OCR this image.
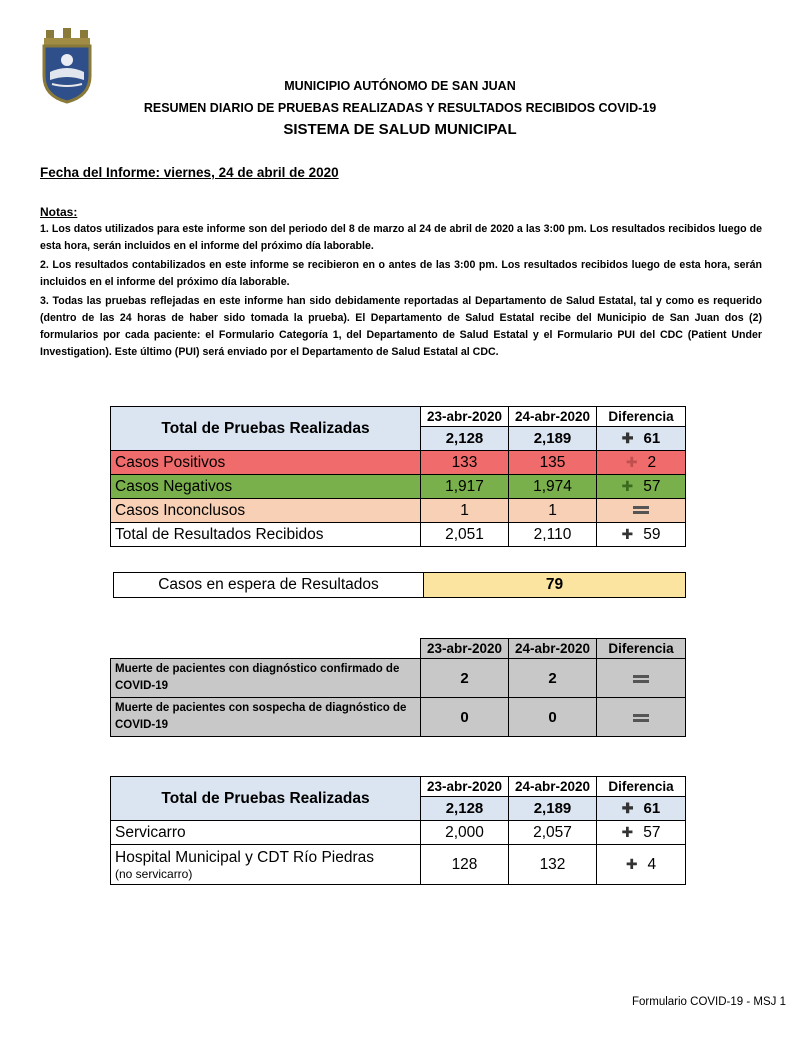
MUNICIPIO AUTÓNOMO DE SAN JUAN
RESUMEN DIARIO DE PRUEBAS REALIZADAS Y RESULTADOS RECIBIDOS COVID-19
SISTEMA DE SALUD MUNICIPAL
Fecha del Informe: viernes, 24 de abril de 2020
Notas:

1. Los datos utilizados para este informe son del periodo del 8 de marzo al 24 de abril de 2020 a las 3:00 pm. Los resultados recibidos luego de esta hora, serán incluidos en el informe del próximo día laborable.

2. Los resultados contabilizados en este informe se recibieron en o antes de las 3:00 pm. Los resultados recibidos luego de esta hora, serán incluidos en el informe del próximo día laborable.

3. Todas las pruebas reflejadas en este informe han sido debidamente reportadas al Departamento de Salud Estatal, tal y como es requerido (dentro de las 24 horas de haber sido tomada la prueba). El Departamento de Salud Estatal recibe del Municipio de San Juan dos (2) formularios por cada paciente: el Formulario Categoría 1, del Departamento de Salud Estatal y el Formulario PUI del CDC (Patient Under Investigation). Este último (PUI) será enviado por el Departamento de Salud Estatal al CDC.

Total de Pruebas Realizadas	23-abr-2020	24-abr-2020	Diferencia
	2,128	2,189	✚ 61
Casos Positivos	133	135	✚ 2
Casos Negativos	1,917	1,974	✚ 57
Casos Inconclusos	1	1	
Total de Resultados Recibidos	2,051	2,110	✚ 59
Casos en espera de Resultados	79
	23-abr-2020	24-abr-2020	Diferencia
Muerte de pacientes con diagnóstico confirmado de COVID-19	2	2	
Muerte de pacientes con sospecha de diagnóstico de COVID-19	0	0	
Total de Pruebas Realizadas	23-abr-2020	24-abr-2020	Diferencia
	2,128	2,189	✚ 61
Servicarro	2,000	2,057	✚ 57
Hospital Municipal y CDT Río Piedras
(no servicarro)	128	132	✚ 4
Formulario COVID-19 - MSJ 1
